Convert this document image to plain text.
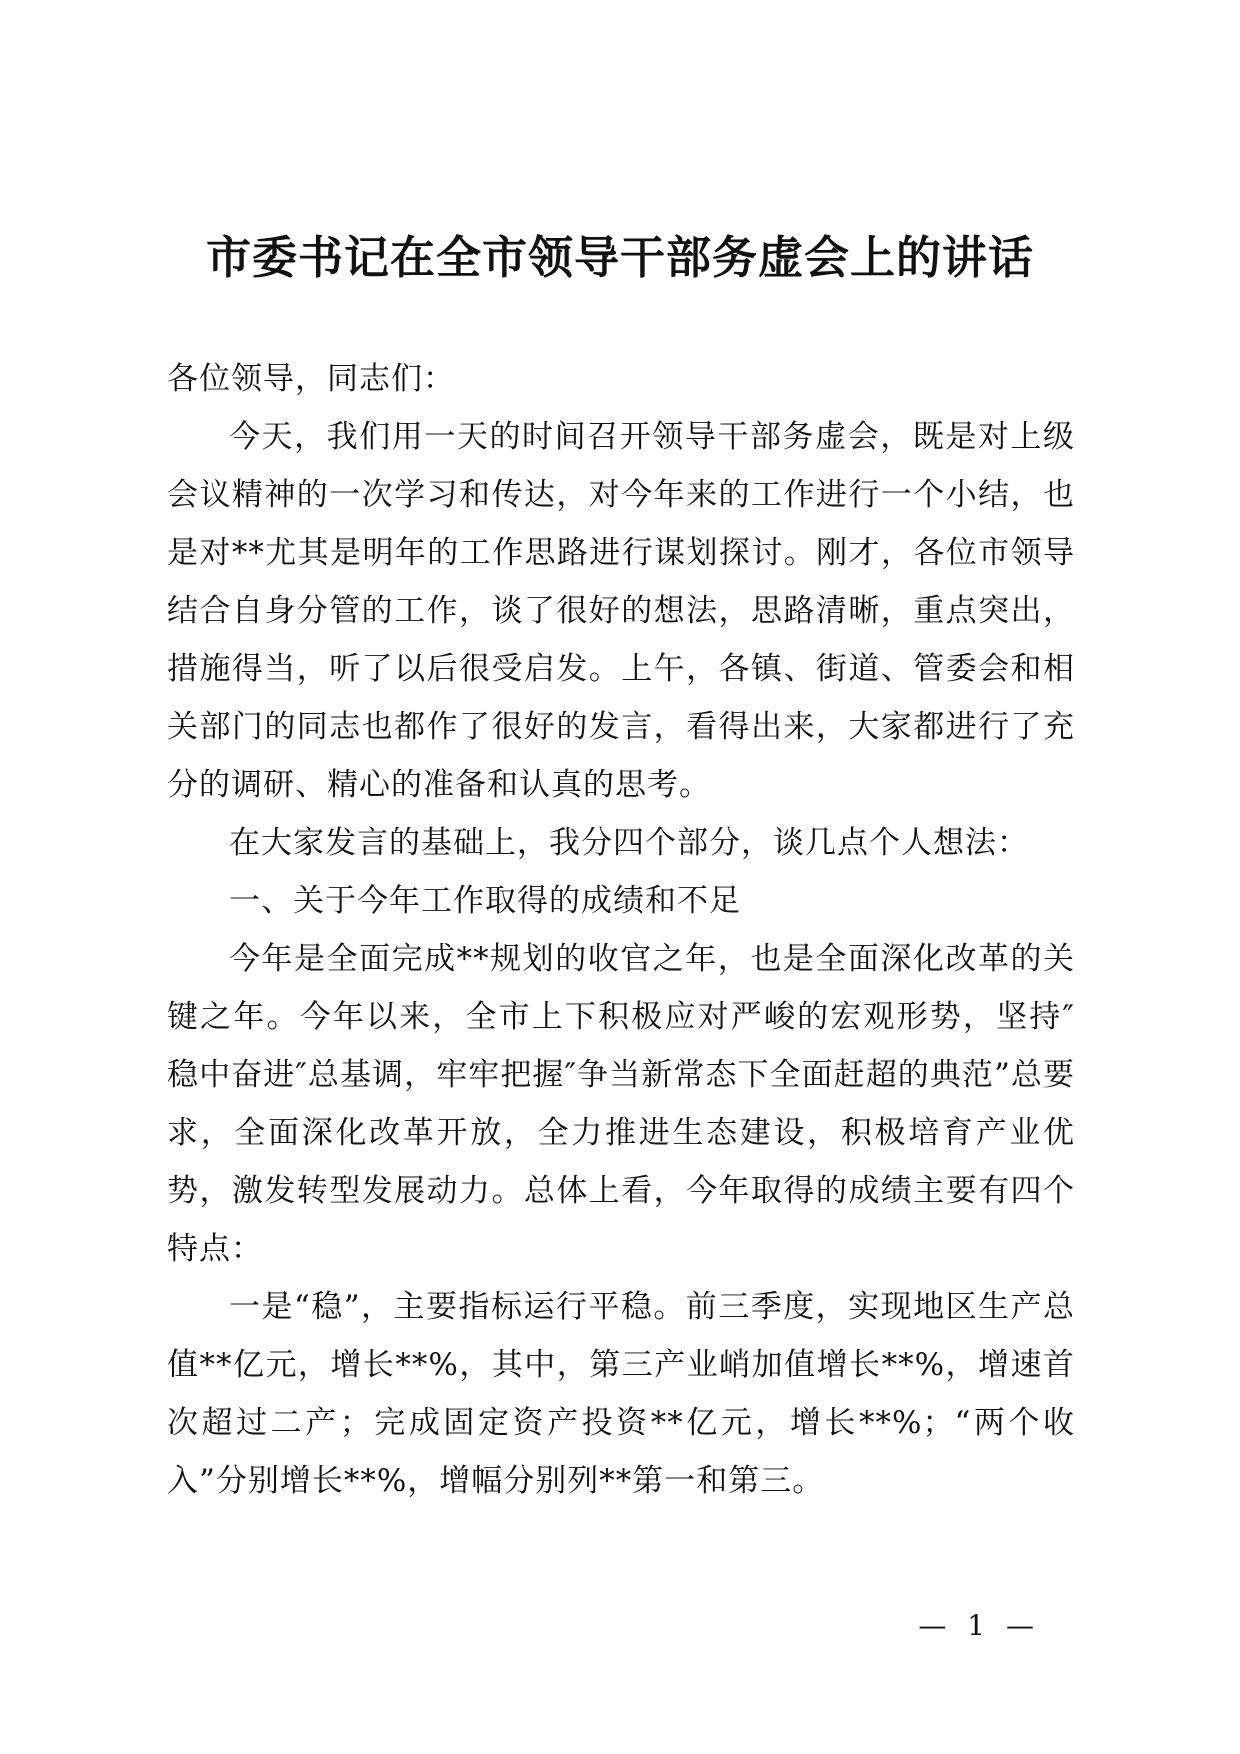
市委书记在全市领导干部务虚会上的讲话

各位领导，同志们：

今天，我们用一天的时间召开领导干部务虚会，既是对上级会议精神的一次学习和传达，对今年来的工作进行一个小结，也是对**尤其是明年的工作思路进行谋划探讨。刚才，各位市领导结合自身分管的工作，谈了很好的想法，思路清晰，重点突出，措施得当，听了以后很受启发。上午，各镇、街道、管委会和相关部门的同志也都作了很好的发言，看得出来，大家都进行了充分的调研、精心的准备和认真的思考。

在大家发言的基础上，我分四个部分，谈几点个人想法：

一、关于今年工作取得的成绩和不足

今年是全面完成**规划的收官之年，也是全面深化改革的关键之年。今年以来，全市上下积极应对严峻的宏观形势，坚持″稳中奋进″总基调，牢牢把握″争当新常态下全面赶超的典范”总要求，全面深化改革开放，全力推进生态建设，积极培育产业优势，激发转型发展动力。总体上看，今年取得的成绩主要有四个特点：

一是“稳”，主要指标运行平稳。前三季度，实现地区生产总值**亿元，增长**%，其中，第三产业峭加值增长**%，增速首次超过二产；完成固定资产投资**亿元，增长**%；“两个收入”分别增长**%，增幅分别列**第一和第三。

— 1 —
